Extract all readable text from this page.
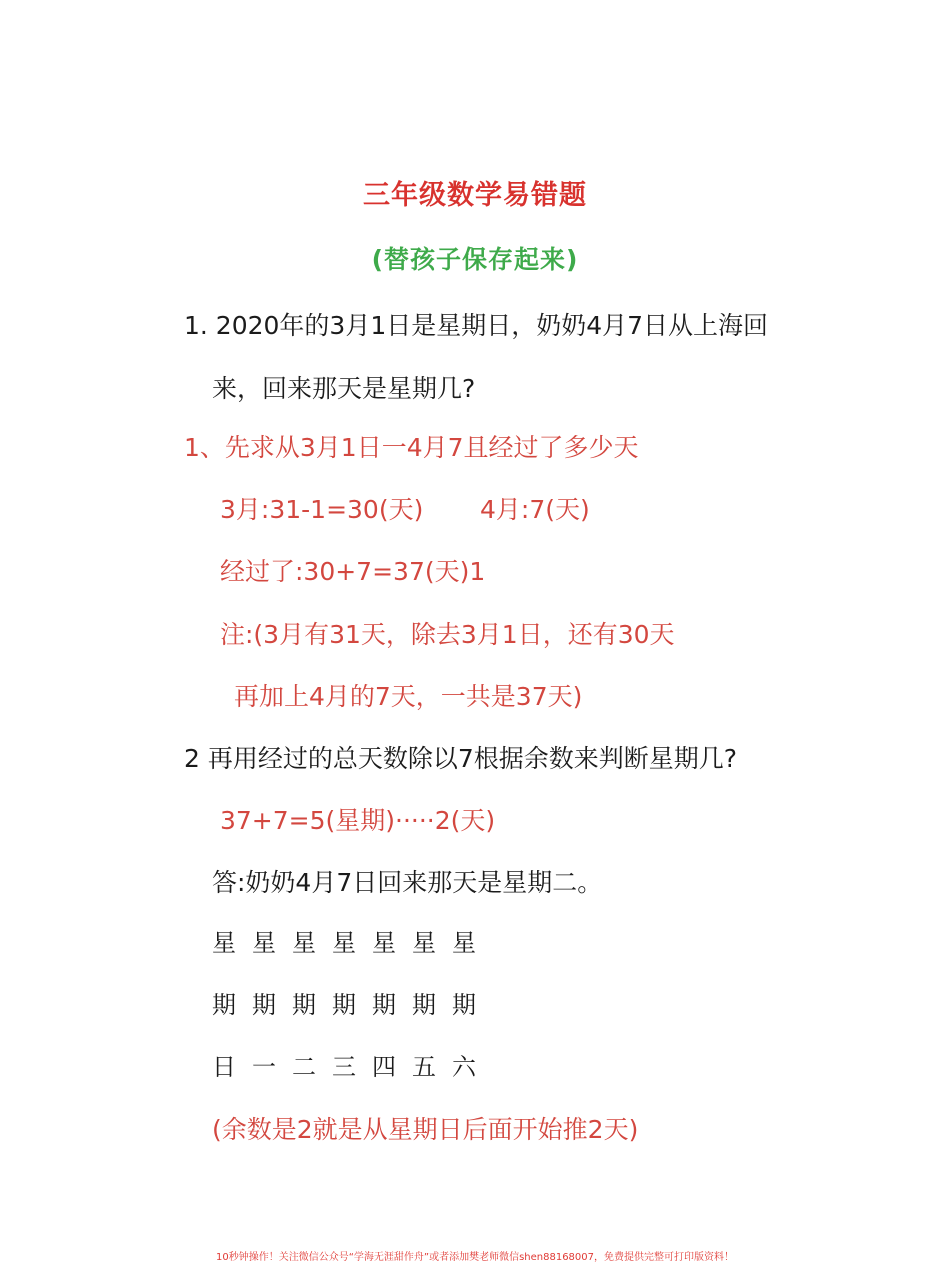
三年级数学易错题
(替孩子保存起来)
1. 2020年的3月1日是星期日，奶奶4月7日从上海回
来，回来那天是星期几?
1、先求从3月1日一4月7且经过了多少天
3月:31-1=30(天) 4月:7(天)
经过了:30+7=37(天)1
注:(3月有31天，除去3月1日，还有30天
再加上4月的7天，一共是37天)
2 再用经过的总天数除以7根据余数来判断星期几?
37+7=5(星期)·····2(天)
答:奶奶4月7日回来那天是星期二。
星 星 星 星 星 星 星
期 期 期 期 期 期 期
日 一 二 三 四 五 六
(余数是2就是从星期日后面开始推2天)
10秒钟操作！关注微信公众号“学海无涯甜作舟”或者添加樊老师微信shen88168007，免费提供完整可打印版资料！
